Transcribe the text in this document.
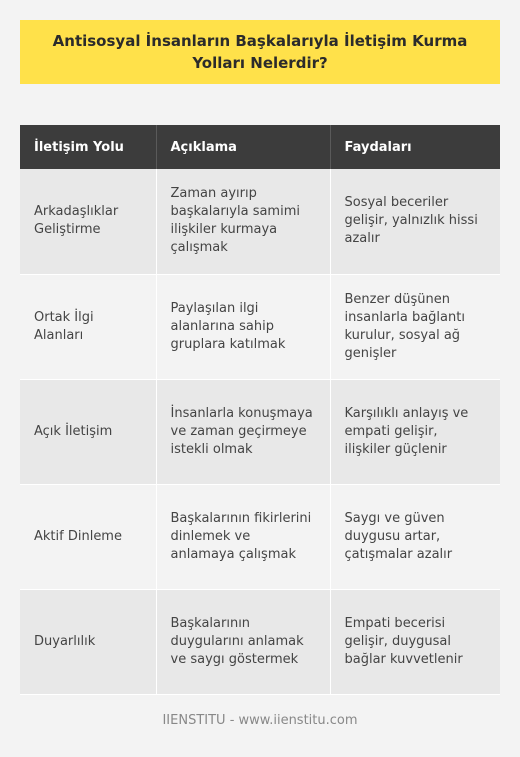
Antisosyal İnsanların Başkalarıyla İletişim Kurma Yolları Nelerdir?
İletişim Yolu	Açıklama	Faydaları
Arkadaşlıklar Geliştirme	Zaman ayırıp başkalarıyla samimi ilişkiler kurmaya çalışmak	Sosyal beceriler gelişir, yalnızlık hissi azalır
Ortak İlgi Alanları	Paylaşılan ilgi alanlarına sahip gruplara katılmak	Benzer düşünen insanlarla bağlantı kurulur, sosyal ağ genişler
Açık İletişim	İnsanlarla konuşmaya ve zaman geçirmeye istekli olmak	Karşılıklı anlayış ve empati gelişir, ilişkiler güçlenir
Aktif Dinleme	Başkalarının fikirlerini dinlemek ve anlamaya çalışmak	Saygı ve güven duygusu artar, çatışmalar azalır
Duyarlılık	Başkalarının duygularını anlamak ve saygı göstermek	Empati becerisi gelişir, duygusal bağlar kuvvetlenir
IIENSTITU - www.iienstitu.com
